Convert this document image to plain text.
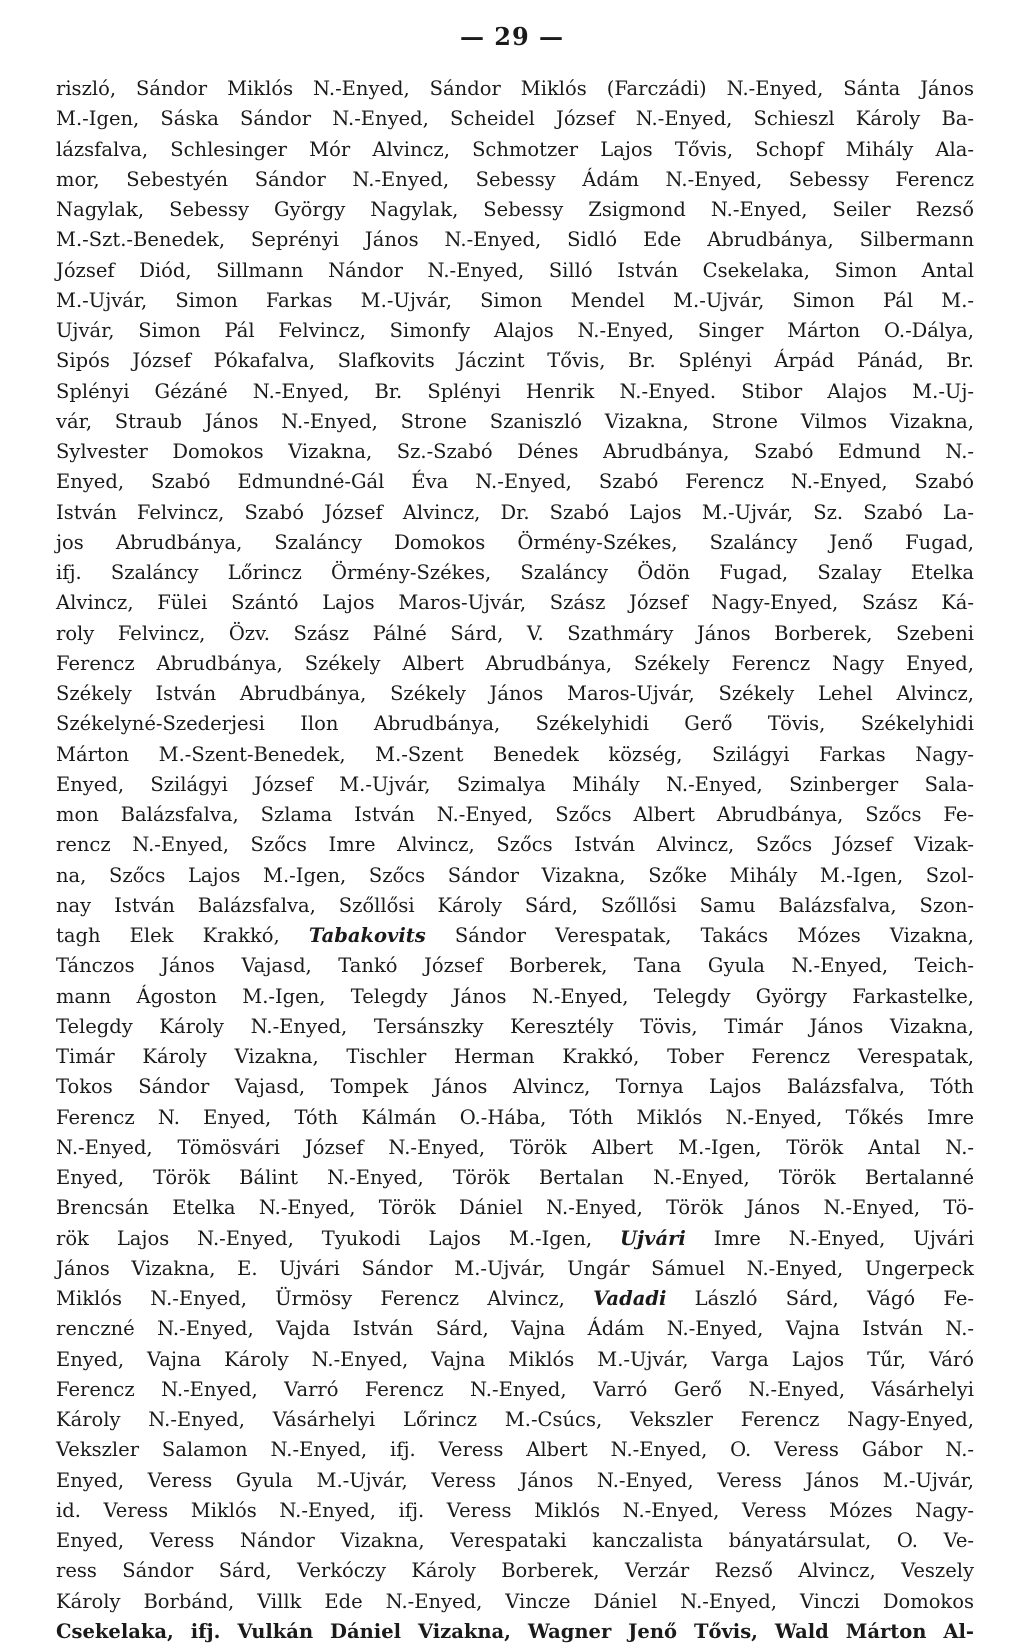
— 29 —
riszló, Sándor Miklós N.-Enyed, Sándor Miklós (Farczádi) N.-Enyed, Sánta János
M.-Igen, Sáska Sándor N.-Enyed, Scheidel József N.-Enyed, Schieszl Károly Ba-
lázsfalva, Schlesinger Mór Alvincz, Schmotzer Lajos Tővis, Schopf Mihály Ala-
mor, Sebestyén Sándor N.-Enyed, Sebessy Ádám N.-Enyed, Sebessy Ferencz
Nagylak, Sebessy György Nagylak, Sebessy Zsigmond N.-Enyed, Seiler Rezső
M.-Szt.-Benedek, Seprényi János N.-Enyed, Sidló Ede Abrudbánya, Silbermann
József Diód, Sillmann Nándor N.-Enyed, Silló István Csekelaka, Simon Antal
M.-Ujvár, Simon Farkas M.-Ujvár, Simon Mendel M.-Ujvár, Simon Pál M.-
Ujvár, Simon Pál Felvincz, Simonfy Alajos N.-Enyed, Singer Márton O.-Dálya,
Sipós József Pókafalva, Slafkovits Jáczint Tővis, Br. Splényi Árpád Pánád, Br.
Splényi Gézáné N.-Enyed, Br. Splényi Henrik N.-Enyed. Stibor Alajos M.-Uj-
vár, Straub János N.-Enyed, Strone Szaniszló Vizakna, Strone Vilmos Vizakna,
Sylvester Domokos Vizakna, Sz.-Szabó Dénes Abrudbánya, Szabó Edmund N.-
Enyed, Szabó Edmundné-Gál Éva N.-Enyed, Szabó Ferencz N.-Enyed, Szabó
István Felvincz, Szabó József Alvincz, Dr. Szabó Lajos M.-Ujvár, Sz. Szabó La-
jos Abrudbánya, Szaláncy Domokos Örmény-Székes, Szaláncy Jenő Fugad,
ifj. Szaláncy Lőrincz Örmény-Székes, Szaláncy Ödön Fugad, Szalay Etelka
Alvincz, Fülei Szántó Lajos Maros-Ujvár, Szász József Nagy-Enyed, Szász Ká-
roly Felvincz, Özv. Szász Pálné Sárd, V. Szathmáry János Borberek, Szebeni
Ferencz Abrudbánya, Székely Albert Abrudbánya, Székely Ferencz Nagy Enyed,
Székely István Abrudbánya, Székely János Maros-Ujvár, Székely Lehel Alvincz,
Székelyné-Szederjesi Ilon Abrudbánya, Székelyhidi Gerő Tövis, Székelyhidi
Márton M.-Szent-Benedek, M.-Szent Benedek község, Szilágyi Farkas Nagy-
Enyed, Szilágyi József M.-Ujvár, Szimalya Mihály N.-Enyed, Szinberger Sala-
mon Balázsfalva, Szlama István N.-Enyed, Szőcs Albert Abrudbánya, Szőcs Fe-
rencz N.-Enyed, Szőcs Imre Alvincz, Szőcs István Alvincz, Szőcs József Vizak-
na, Szőcs Lajos M.-Igen, Szőcs Sándor Vizakna, Szőke Mihály M.-Igen, Szol-
nay István Balázsfalva, Szőllősi Károly Sárd, Szőllősi Samu Balázsfalva, Szon-
tagh Elek Krakkó, Tabakovits Sándor Verespatak, Takács Mózes Vizakna,
Tánczos János Vajasd, Tankó József Borberek, Tana Gyula N.-Enyed, Teich-
mann Ágoston M.-Igen, Telegdy János N.-Enyed, Telegdy György Farkastelke,
Telegdy Károly N.-Enyed, Tersánszky Keresztély Tövis, Timár János Vizakna,
Timár Károly Vizakna, Tischler Herman Krakkó, Tober Ferencz Verespatak,
Tokos Sándor Vajasd, Tompek János Alvincz, Tornya Lajos Balázsfalva, Tóth
Ferencz N. Enyed, Tóth Kálmán O.-Hába, Tóth Miklós N.-Enyed, Tőkés Imre
N.-Enyed, Tömösvári József N.-Enyed, Török Albert M.-Igen, Török Antal N.-
Enyed, Török Bálint N.-Enyed, Török Bertalan N.-Enyed, Török Bertalanné
Brencsán Etelka N.-Enyed, Török Dániel N.-Enyed, Török János N.-Enyed, Tö-
rök Lajos N.-Enyed, Tyukodi Lajos M.-Igen, Ujvári Imre N.-Enyed, Ujvári
János Vizakna, E. Ujvári Sándor M.-Ujvár, Ungár Sámuel N.-Enyed, Ungerpeck
Miklós N.-Enyed, Ürmösy Ferencz Alvincz, Vadadi László Sárd, Vágó Fe-
renczné N.-Enyed, Vajda István Sárd, Vajna Ádám N.-Enyed, Vajna István N.-
Enyed, Vajna Károly N.-Enyed, Vajna Miklós M.-Ujvár, Varga Lajos Tűr, Váró
Ferencz N.-Enyed, Varró Ferencz N.-Enyed, Varró Gerő N.-Enyed, Vásárhelyi
Károly N.-Enyed, Vásárhelyi Lőrincz M.-Csúcs, Vekszler Ferencz Nagy-Enyed,
Vekszler Salamon N.-Enyed, ifj. Veress Albert N.-Enyed, O. Veress Gábor N.-
Enyed, Veress Gyula M.-Ujvár, Veress János N.-Enyed, Veress János M.-Ujvár,
id. Veress Miklós N.-Enyed, ifj. Veress Miklós N.-Enyed, Veress Mózes Nagy-
Enyed, Veress Nándor Vizakna, Verespataki kanczalista bányatársulat, O. Ve-
ress Sándor Sárd, Verkóczy Károly Borberek, Verzár Rezső Alvincz, Veszely
Károly Borbánd, Villk Ede N.-Enyed, Vincze Dániel N.-Enyed, Vinczi Domokos
Csekelaka, ifj. Vulkán Dániel Vizakna, Wagner Jenő Tővis, Wald Márton Al-
